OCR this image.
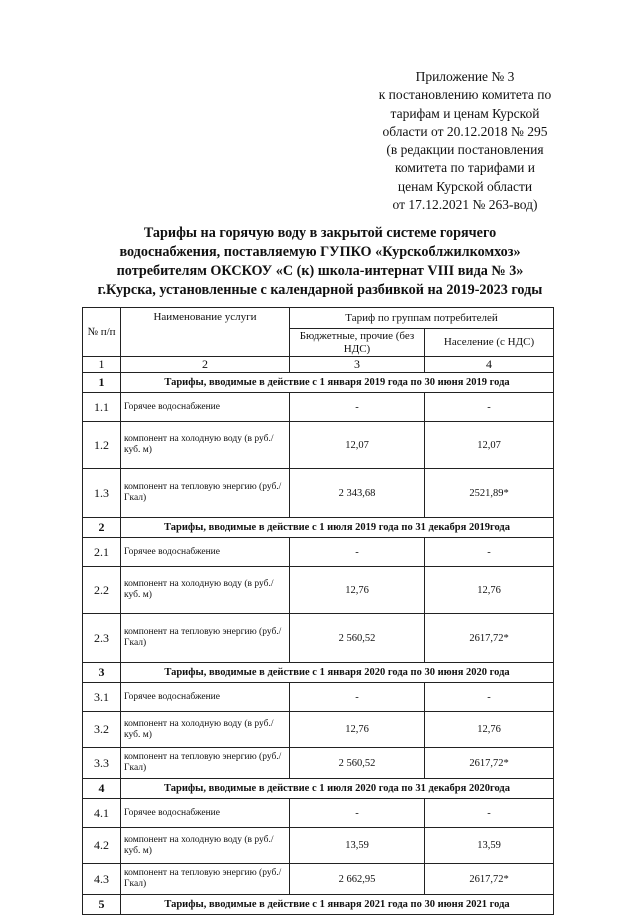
Приложение № 3
к постановлению комитета по
тарифам и ценам Курской
области от 20.12.2018 № 295
(в редакции постановления
комитета по тарифами и
ценам Курской области
от 17.12.2021 № 263-вод)
Тарифы на горячую воду в закрытой системе горячего
водоснабжения, поставляемую ГУПКО «Курскоблжилкомхоз»
потребителям ОКСКОУ «С (к) школа-интернат VIII вида № 3»
г.Курска, установленные с календарной разбивкой на 2019-2023 годы
№ п/п	Наименование услуги	Тариф по группам потребителей	
		Бюджетные, прочие (без НДС)	Население (с НДС)
1	2	3	4
1	Тарифы, вводимые в действие с 1 января 2019 года по 30 июня 2019 года		
1.1	Горячее водоснабжение	-	-
1.2	компонент на холодную воду (в руб./куб. м)	12,07	12,07
1.3	компонент на тепловую энергию (руб./Гкал)	2 343,68	2521,89*
2	Тарифы, вводимые в действие с 1 июля 2019 года по 31 декабря 2019года		
2.1	Горячее водоснабжение	-	-
2.2	компонент на холодную воду (в руб./куб. м)	12,76	12,76
2.3	компонент на тепловую энергию (руб./Гкал)	2 560,52	2617,72*
3	Тарифы, вводимые в действие с 1 января 2020 года по 30 июня 2020 года		
3.1	Горячее водоснабжение	-	-
3.2	компонент на холодную воду (в руб./куб. м)	12,76	12,76
3.3	компонент на тепловую энергию (руб./Гкал)	2 560,52	2617,72*
4	Тарифы, вводимые в действие с 1 июля 2020 года по 31 декабря 2020года		
4.1	Горячее водоснабжение	-	-
4.2	компонент на холодную воду (в руб./куб. м)	13,59	13,59
4.3	компонент на тепловую энергию (руб./Гкал)	2 662,95	2617,72*
5	Тарифы, вводимые в действие с 1 января 2021 года по 30 июня 2021 года		
